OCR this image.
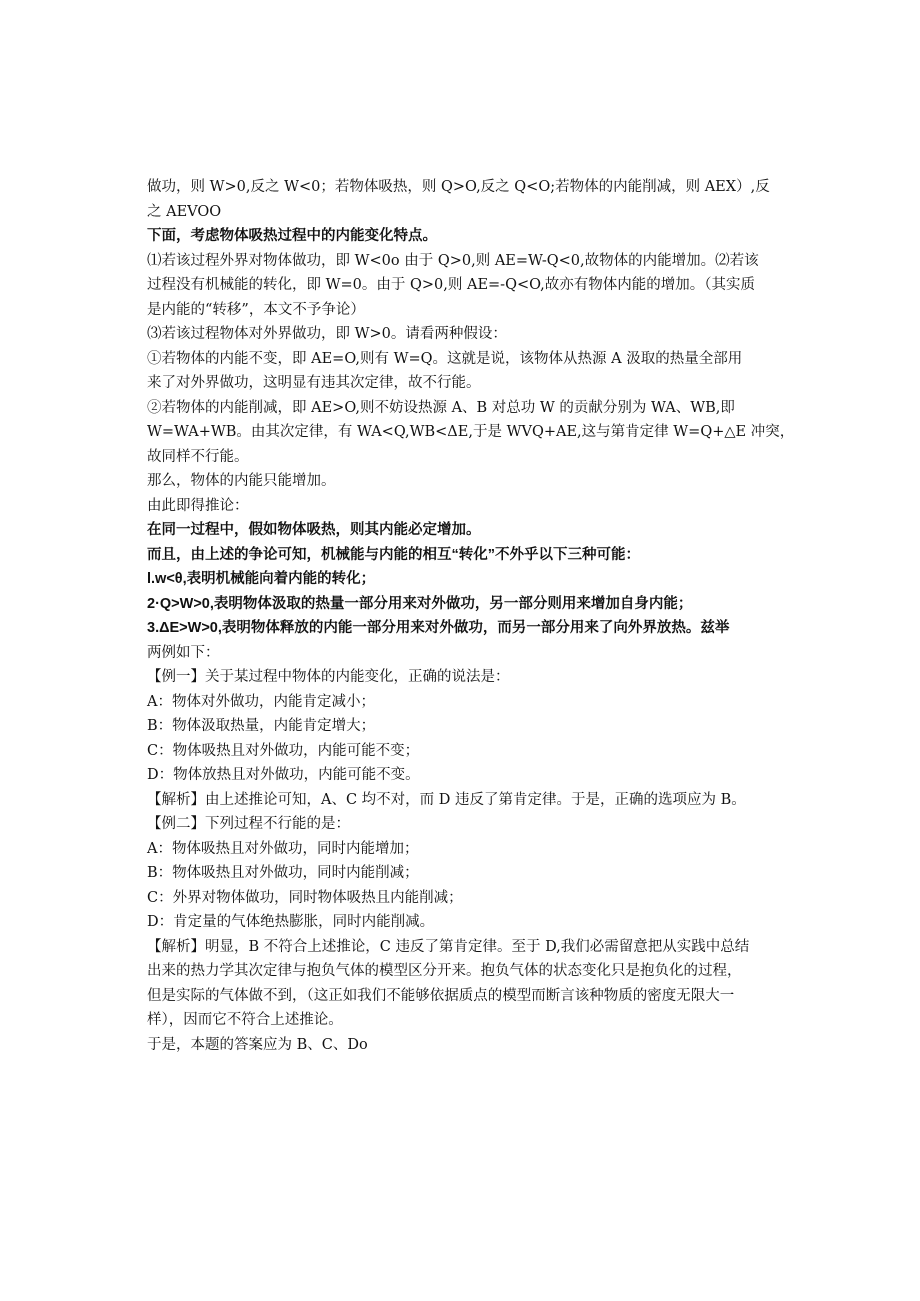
做功，则 W>0,反之 W<0；若物体吸热，则 Q>O,反之 Q<O;若物体的内能削减，则 AEX）,反
之 AEVOO
下面，考虑物体吸热过程中的内能变化特点。
⑴若该过程外界对物体做功，即 W<0o 由于 Q>0,则 AE=W-Q<0,故物体的内能增加。⑵若该
过程没有机械能的转化，即 W=0。由于 Q>0,则 AE=-Q<O,故亦有物体内能的增加。（其实质
是内能的“转移”，本文不予争论）
⑶若该过程物体对外界做功，即 W>0。请看两种假设：
①若物体的内能不变，即 AE=O,则有 W=Q。这就是说，该物体从热源 A 汲取的热量全部用
来了对外界做功，这明显有违其次定律，故不行能。
②若物体的内能削减，即 AE>O,则不妨设热源 A、B 对总功 W 的贡献分别为 WA、WB,即
W=WA+WB。由其次定律，有 WA<Q,WB<ΔE,于是 WVQ+AE,这与第肯定律 W=Q+△E 冲突，
故同样不行能。
那么，物体的内能只能增加。
由此即得推论：
在同一过程中，假如物体吸热，则其内能必定增加。
而且，由上述的争论可知，机械能与内能的相互“转化”不外乎以下三种可能：
l.w<θ,表明机械能向着内能的转化；
2·Q>W>0,表明物体汲取的热量一部分用来对外做功，另一部分则用来增加自身内能；
3.ΔE>W>0,表明物体释放的内能一部分用来对外做功，而另一部分用来了向外界放热。兹举
两例如下：
【例一】关于某过程中物体的内能变化，正确的说法是：
A：物体对外做功，内能肯定减小；
B：物体汲取热量，内能肯定增大；
C：物体吸热且对外做功，内能可能不变；
D：物体放热且对外做功，内能可能不变。
【解析】由上述推论可知，A、C 均不对，而 D 违反了第肯定律。于是，正确的选项应为 B。
【例二】下列过程不行能的是：
A：物体吸热且对外做功，同时内能增加；
B：物体吸热且对外做功，同时内能削减；
C：外界对物体做功，同时物体吸热且内能削减；
D：肯定量的气体绝热膨胀，同时内能削减。
【解析】明显，B 不符合上述推论，C 违反了第肯定律。至于 D,我们必需留意把从实践中总结
出来的热力学其次定律与抱负气体的模型区分开来。抱负气体的状态变化只是抱负化的过程，
但是实际的气体做不到，（这正如我们不能够依据质点的模型而断言该种物质的密度无限大一
样），因而它不符合上述推论。
于是，本题的答案应为 B、C、Do
